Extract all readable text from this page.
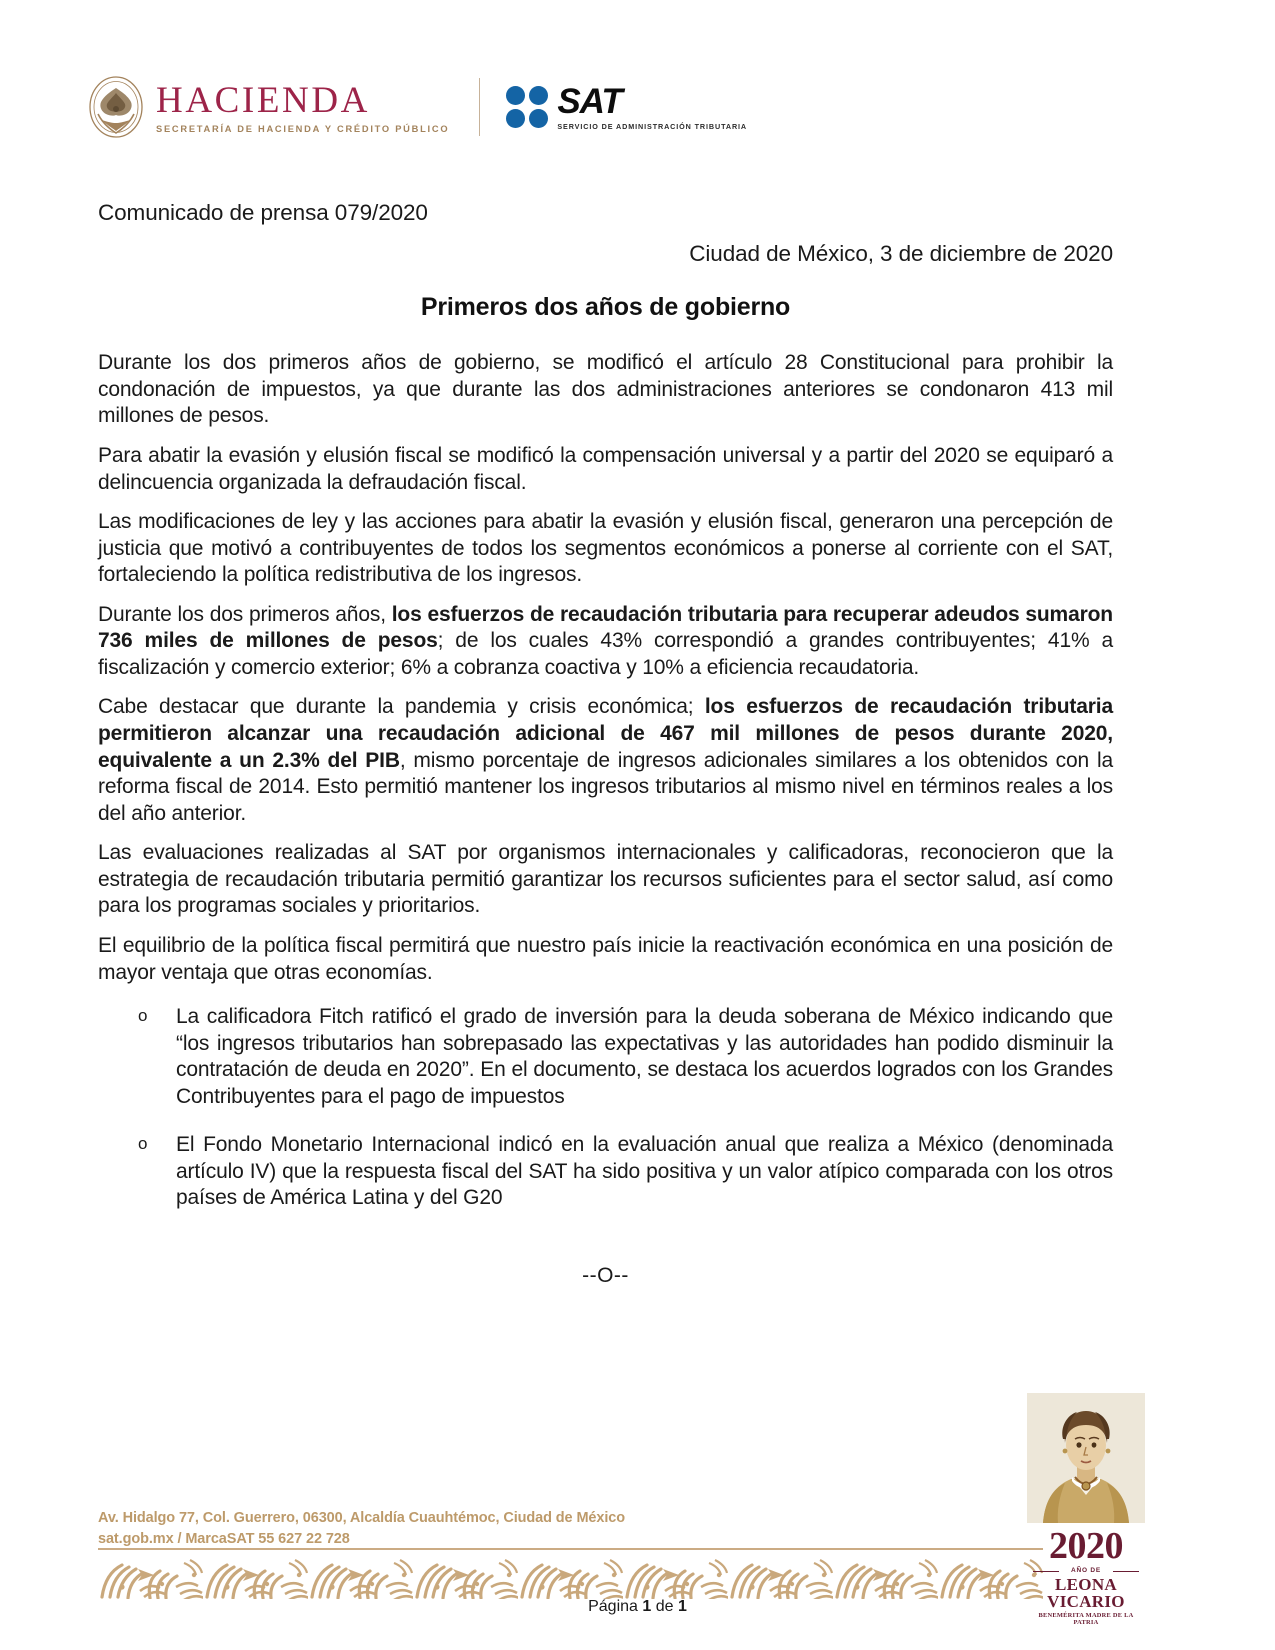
HACIENDA
SECRETARÍA DE HACIENDA Y CRÉDITO PÚBLICO
SAT
SERVICIO DE ADMINISTRACIÓN TRIBUTARIA
Comunicado de prensa 079/2020
Ciudad de México, 3 de diciembre de 2020
Primeros dos años de gobierno

Durante los dos primeros años de gobierno, se modificó el artículo 28 Constitucional para prohibir la condonación de impuestos, ya que durante las dos administraciones anteriores se condonaron 413 mil millones de pesos.

Para abatir la evasión y elusión fiscal se modificó la compensación universal y a partir del 2020 se equiparó a delincuencia organizada la defraudación fiscal.

Las modificaciones de ley y las acciones para abatir la evasión y elusión fiscal, generaron una percepción de justicia que motivó a contribuyentes de todos los segmentos económicos a ponerse al corriente con el SAT, fortaleciendo la política redistributiva de los ingresos.

Durante los dos primeros años, los esfuerzos de recaudación tributaria para recuperar adeudos sumaron 736 miles de millones de pesos; de los cuales 43% correspondió a grandes contribuyentes; 41% a fiscalización y comercio exterior; 6% a cobranza coactiva y 10% a eficiencia recaudatoria.

Cabe destacar que durante la pandemia y crisis económica; los esfuerzos de recaudación tributaria permitieron alcanzar una recaudación adicional de 467 mil millones de pesos durante 2020, equivalente a un 2.3% del PIB, mismo porcentaje de ingresos adicionales similares a los obtenidos con la reforma fiscal de 2014. Esto permitió mantener los ingresos tributarios al mismo nivel en términos reales a los del año anterior.

Las evaluaciones realizadas al SAT por organismos internacionales y calificadoras, reconocieron que la estrategia de recaudación tributaria permitió garantizar los recursos suficientes para el sector salud, así como para los programas sociales y prioritarios.

El equilibrio de la política fiscal permitirá que nuestro país inicie la reactivación económica en una posición de mayor ventaja que otras economías.

o La calificadora Fitch ratificó el grado de inversión para la deuda soberana de México indicando que “los ingresos tributarios han sobrepasado las expectativas y las autoridades han podido disminuir la contratación de deuda en 2020”. En el documento, se destaca los acuerdos logrados con los Grandes Contribuyentes para el pago de impuestos
o El Fondo Monetario Internacional indicó en la evaluación anual que realiza a México (denominada artículo IV) que la respuesta fiscal del SAT ha sido positiva y un valor atípico comparada con los otros países de América Latina y del G20
--O--
Av. Hidalgo 77, Col. Guerrero, 06300, Alcaldía Cuauhtémoc, Ciudad de México
sat.gob.mx / MarcaSAT 55 627 22 728
Página 1 de 1
2020
AÑO DE
LEONA VICARIO
BENEMÉRITA MADRE DE LA PATRIA
